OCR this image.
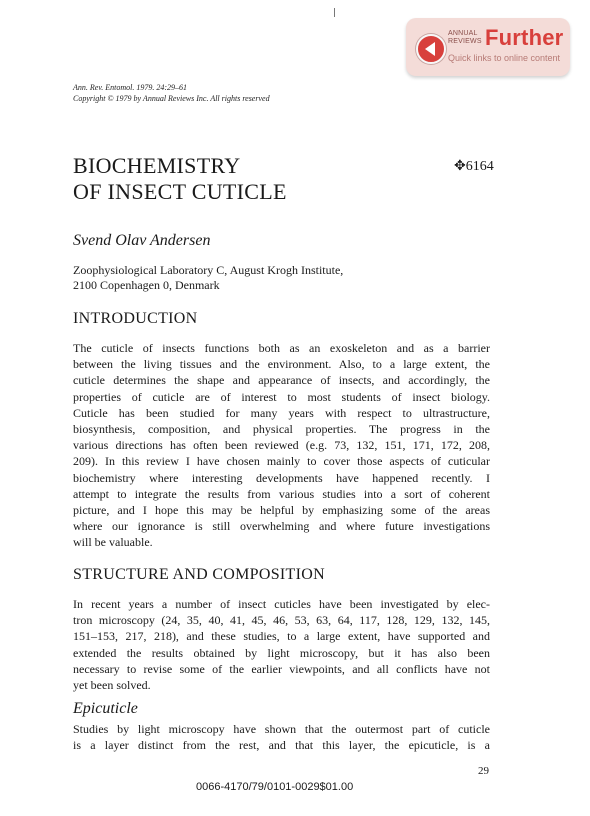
ANNUAL
REVIEWS Further
Quick links to online content
Ann. Rev. Entomol. 1979. 24:29–61
Copyright © 1979 by Annual Reviews Inc. All rights reserved
BIOCHEMISTRY
OF INSECT CUTICLE
✥6164
Svend Olav Andersen
Zoophysiological Laboratory C, August Krogh Institute,
2100 Copenhagen 0, Denmark
INTRODUCTION
The cuticle of insects functions both as an exoskeleton and as a barrier
between the living tissues and the environment. Also, to a large extent, the
cuticle determines the shape and appearance of insects, and accordingly, the
properties of cuticle are of interest to most students of insect biology.
Cuticle has been studied for many years with respect to ultrastructure,
biosynthesis, composition, and physical properties. The progress in the
various directions has often been reviewed (e.g. 73, 132, 151, 171, 172, 208,
209). In this review I have chosen mainly to cover those aspects of cuticular
biochemistry where interesting developments have happened recently. I
attempt to integrate the results from various studies into a sort of coherent
picture, and I hope this may be helpful by emphasizing some of the areas
where our ignorance is still overwhelming and where future investigations
will be valuable.
STRUCTURE AND COMPOSITION
In recent years a number of insect cuticles have been investigated by elec-
tron microscopy (24, 35, 40, 41, 45, 46, 53, 63, 64, 117, 128, 129, 132, 145,
151–153, 217, 218), and these studies, to a large extent, have supported and
extended the results obtained by light microscopy, but it has also been
necessary to revise some of the earlier viewpoints, and all conflicts have not
yet been solved.
Epicuticle
Studies by light microscopy have shown that the outermost part of cuticle
is a layer distinct from the rest, and that this layer, the epicuticle, is a
29
0066-4170/79/0101-0029$01.00
